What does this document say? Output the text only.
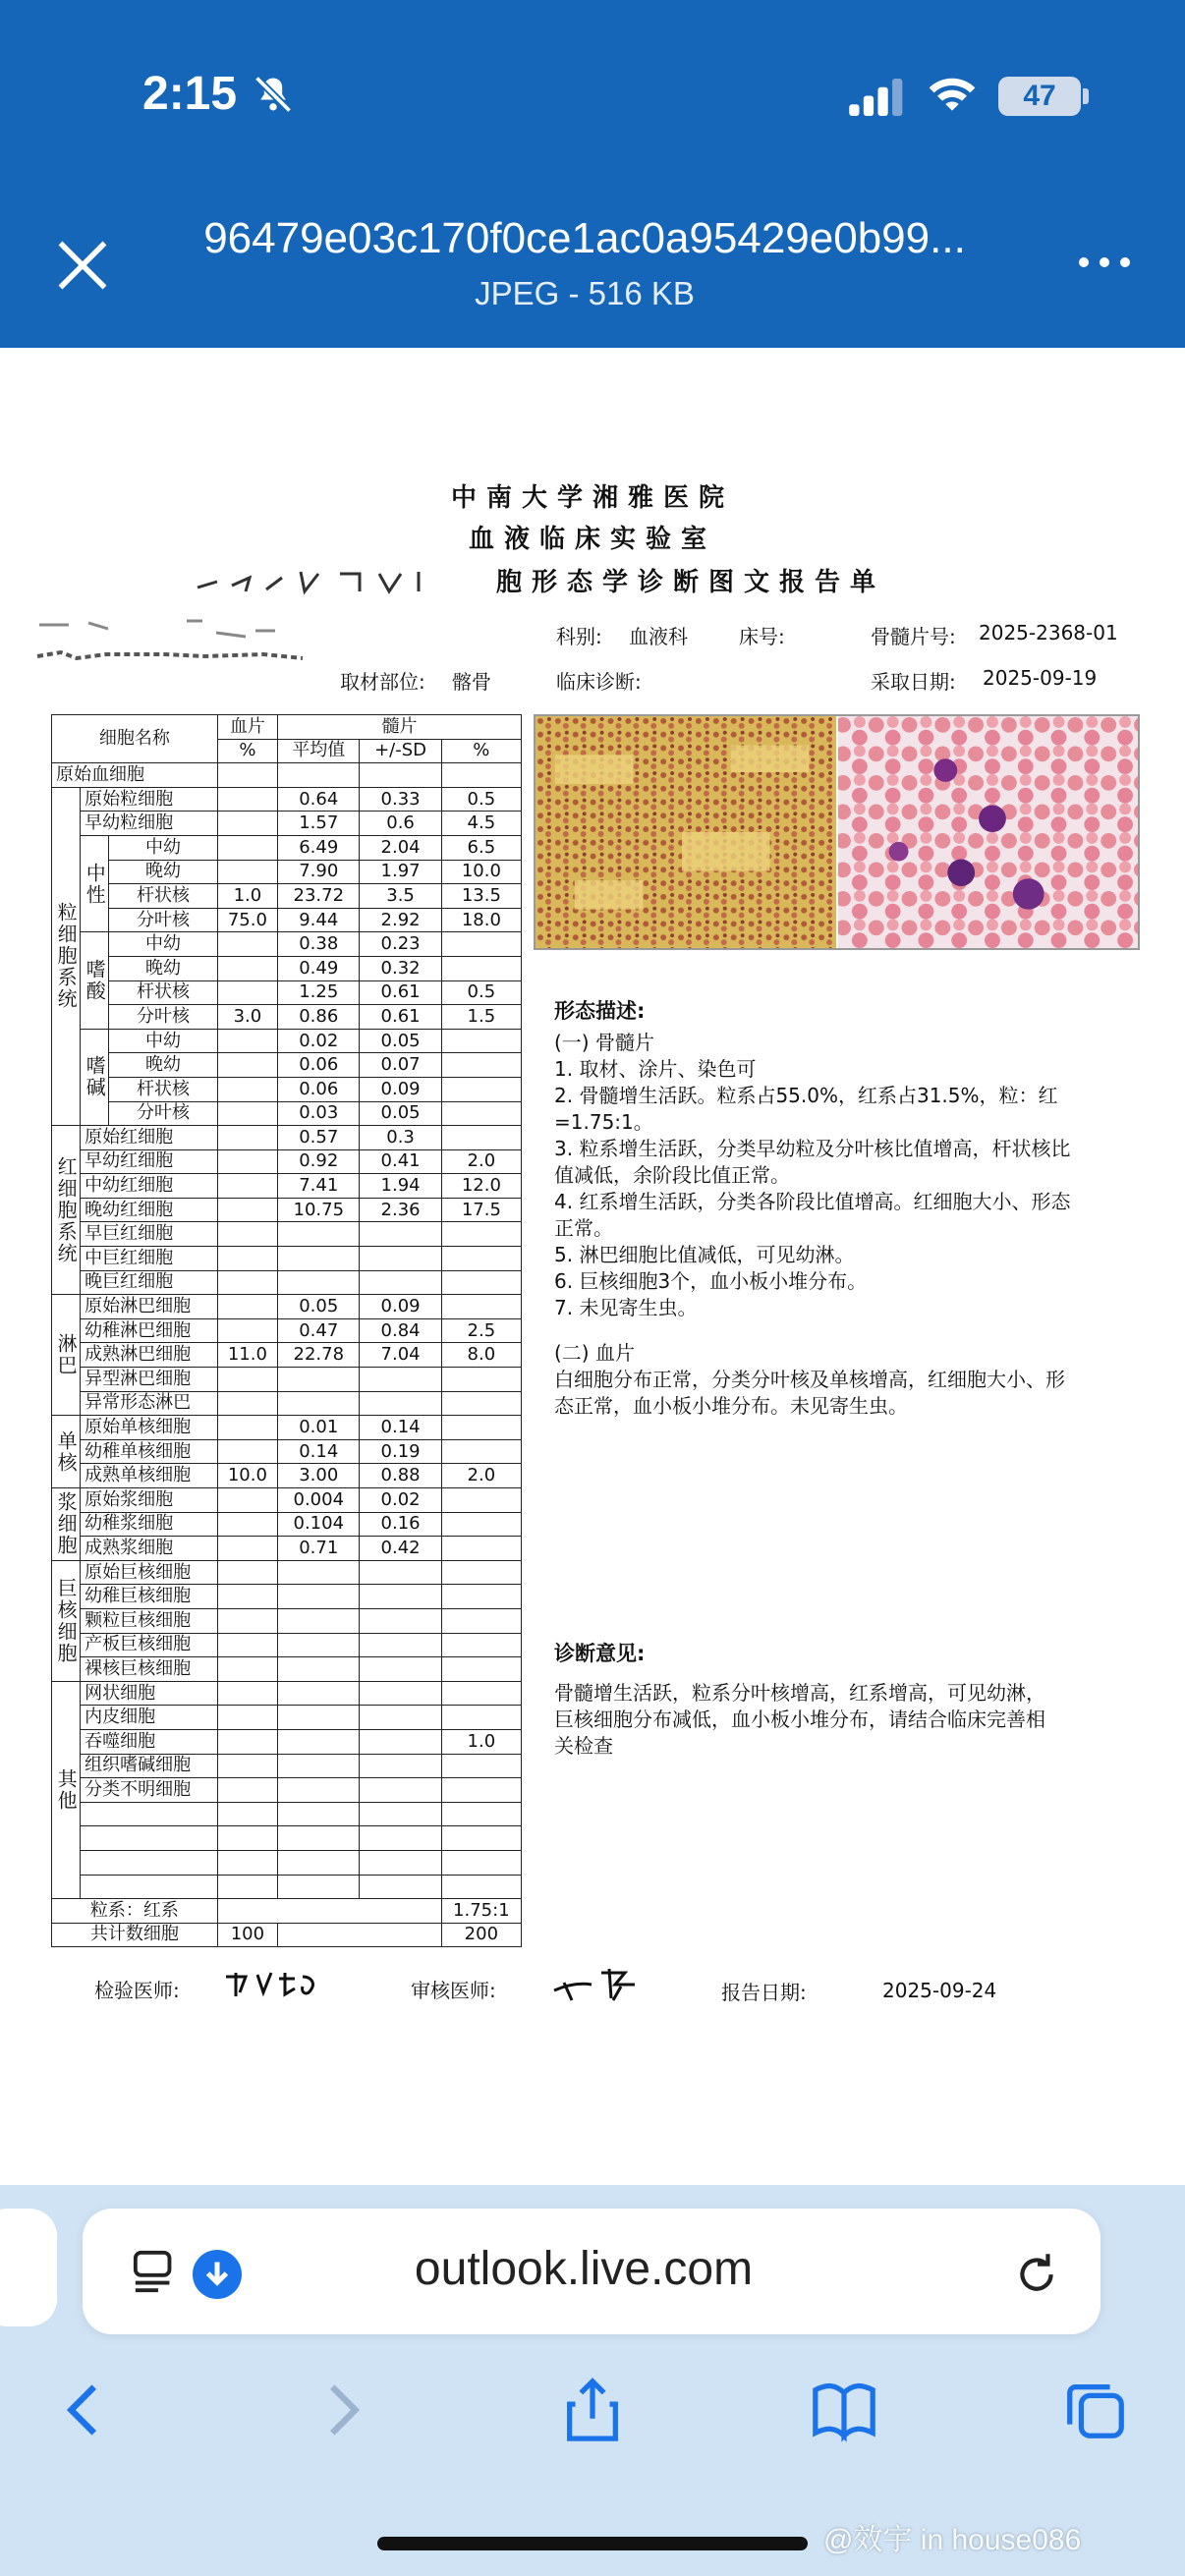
2:15	47
96479e03c170f0ce1ac0a95429e0b99...
JPEG - 516 KB
中南大学湘雅医院
血液临床实验室
胞形态学诊断图文报告单
科别: 血液科	床号:	骨髓片号: 2025-2368-01
取材部位: 髂骨	临床诊断:	采取日期: 2025-09-19
细胞名称			血片	髓片		
			%	平均值	+/-SD	%
原始血细胞						
粒细胞系统	原始粒细胞			0.64	0.33	0.5
	早幼粒细胞			1.57	0.6	4.5
	中性	中幼		6.49	2.04	6.5
		晚幼		7.90	1.97	10.0
		杆状核	1.0	23.72	3.5	13.5
		分叶核	75.0	9.44	2.92	18.0
	嗜酸	中幼		0.38	0.23	
		晚幼		0.49	0.32	
		杆状核		1.25	0.61	0.5
		分叶核	3.0	0.86	0.61	1.5
	嗜碱	中幼		0.02	0.05	
		晚幼		0.06	0.07	
		杆状核		0.06	0.09	
		分叶核		0.03	0.05	
红细胞系统	原始红细胞			0.57	0.3	
	早幼红细胞			0.92	0.41	2.0
	中幼红细胞			7.41	1.94	12.0
	晚幼红细胞			10.75	2.36	17.5
	早巨红细胞					
	中巨红细胞					
	晚巨红细胞					
淋巴	原始淋巴细胞			0.05	0.09	
	幼稚淋巴细胞			0.47	0.84	2.5
	成熟淋巴细胞		11.0	22.78	7.04	8.0
	异型淋巴细胞					
	异常形态淋巴					
单核	原始单核细胞			0.01	0.14	
	幼稚单核细胞			0.14	0.19	
	成熟单核细胞		10.0	3.00	0.88	2.0
浆细胞	原始浆细胞			0.004	0.02	
	幼稚浆细胞			0.104	0.16	
	成熟浆细胞			0.71	0.42	
巨核细胞	原始巨核细胞					
	幼稚巨核细胞					
	颗粒巨核细胞					
	产板巨核细胞					
	裸核巨核细胞					
其他	网状细胞					
	内皮细胞					
	吞噬细胞					1.0
	组织嗜碱细胞					
	分类不明细胞					

粒系：红系						1.75:1
共计数细胞			100			200
形态描述:
(一) 骨髓片
1. 取材、涂片、染色可
2. 骨髓增生活跃。粒系占55.0%，红系占31.5%，粒：红
=1.75:1。
3. 粒系增生活跃，分类早幼粒及分叶核比值增高，杆状核比
值减低，余阶段比值正常。
4. 红系增生活跃，分类各阶段比值增高。红细胞大小、形态
正常。
5. 淋巴细胞比值减低，可见幼淋。
6. 巨核细胞3个，血小板小堆分布。
7. 未见寄生虫。
(二) 血片
白细胞分布正常，分类分叶核及单核增高，红细胞大小、形
态正常，血小板小堆分布。未见寄生虫。
诊断意见:
骨髓增生活跃，粒系分叶核增高，红系增高，可见幼淋，
巨核细胞分布减低，血小板小堆分布，请结合临床完善相
关检查
检验医师:	审核医师:	报告日期:	2025-09-24
outlook.live.com
@效宇 in house086
